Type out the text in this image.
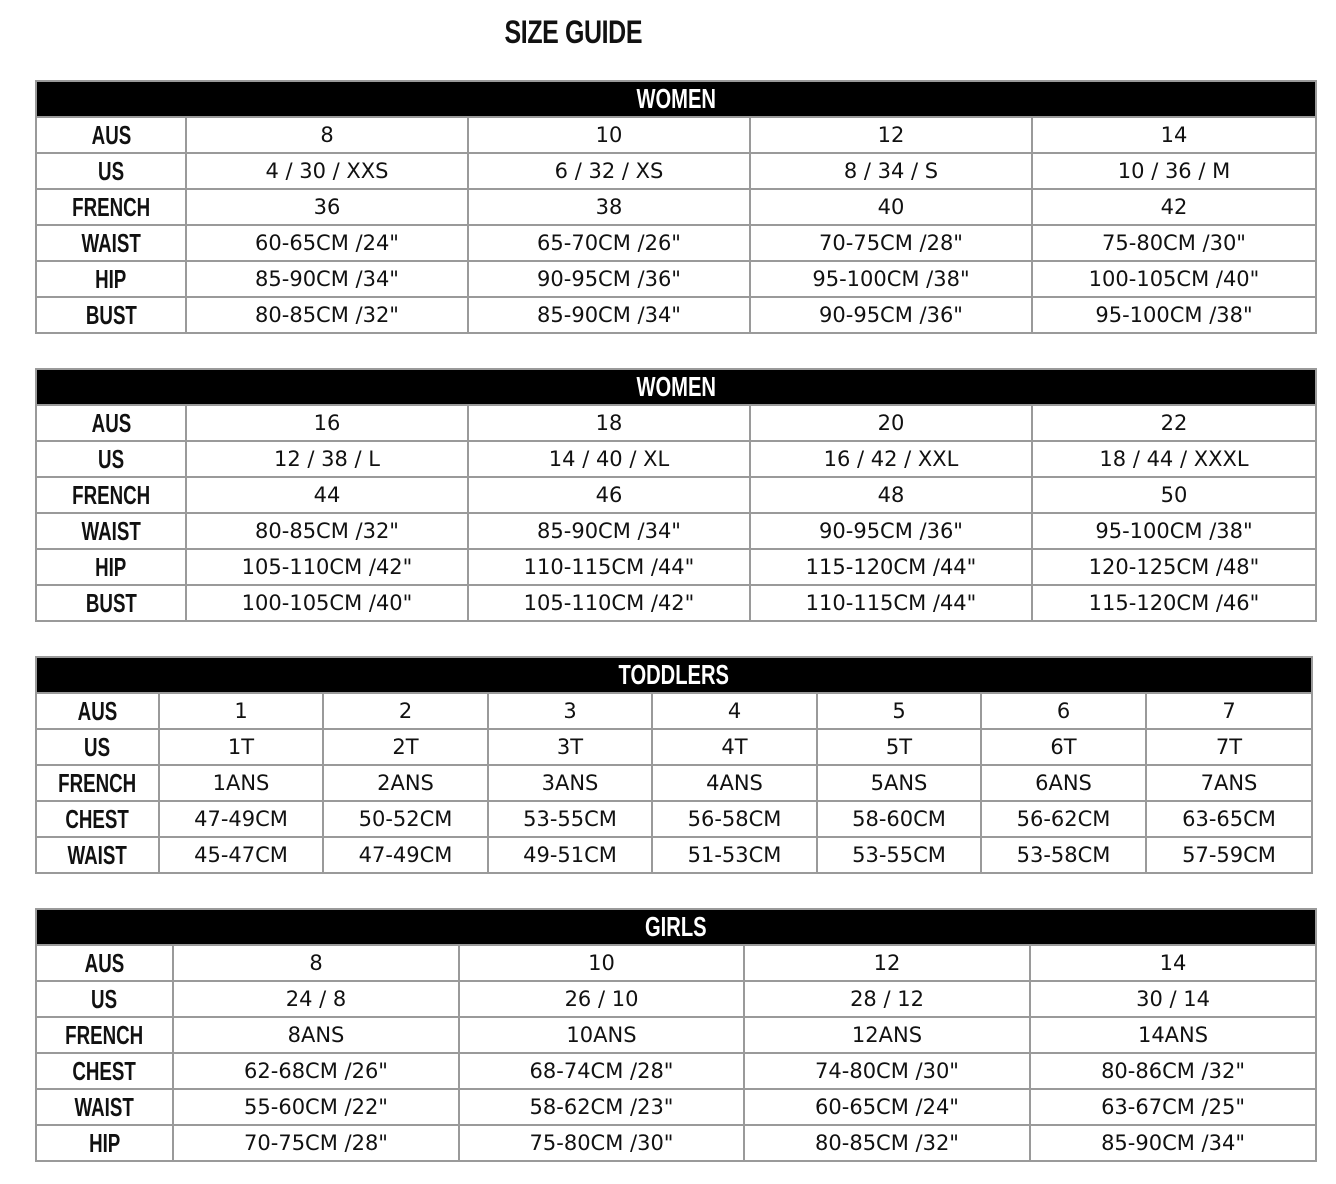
SIZE GUIDE
WOMEN				
AUS	8	10	12	14
US	4 / 30 / XXS	6 / 32 / XS	8 / 34 / S	10 / 36 / M
FRENCH	36	38	40	42
WAIST	60-65CM /24"	65-70CM /26"	70-75CM /28"	75-80CM /30"
HIP	85-90CM /34"	90-95CM /36"	95-100CM /38"	100-105CM /40"
BUST	80-85CM /32"	85-90CM /34"	90-95CM /36"	95-100CM /38"
WOMEN				
AUS	16	18	20	22
US	12 / 38 / L	14 / 40 / XL	16 / 42 / XXL	18 / 44 / XXXL
FRENCH	44	46	48	50
WAIST	80-85CM /32"	85-90CM /34"	90-95CM /36"	95-100CM /38"
HIP	105-110CM /42"	110-115CM /44"	115-120CM /44"	120-125CM /48"
BUST	100-105CM /40"	105-110CM /42"	110-115CM /44"	115-120CM /46"
TODDLERS							
AUS	1	2	3	4	5	6	7
US	1T	2T	3T	4T	5T	6T	7T
FRENCH	1ANS	2ANS	3ANS	4ANS	5ANS	6ANS	7ANS
CHEST	47-49CM	50-52CM	53-55CM	56-58CM	58-60CM	56-62CM	63-65CM
WAIST	45-47CM	47-49CM	49-51CM	51-53CM	53-55CM	53-58CM	57-59CM
GIRLS				
AUS	8	10	12	14
US	24 / 8	26 / 10	28 / 12	30 / 14
FRENCH	8ANS	10ANS	12ANS	14ANS
CHEST	62-68CM /26"	68-74CM /28"	74-80CM /30"	80-86CM /32"
WAIST	55-60CM /22"	58-62CM /23"	60-65CM /24"	63-67CM /25"
HIP	70-75CM /28"	75-80CM /30"	80-85CM /32"	85-90CM /34"
